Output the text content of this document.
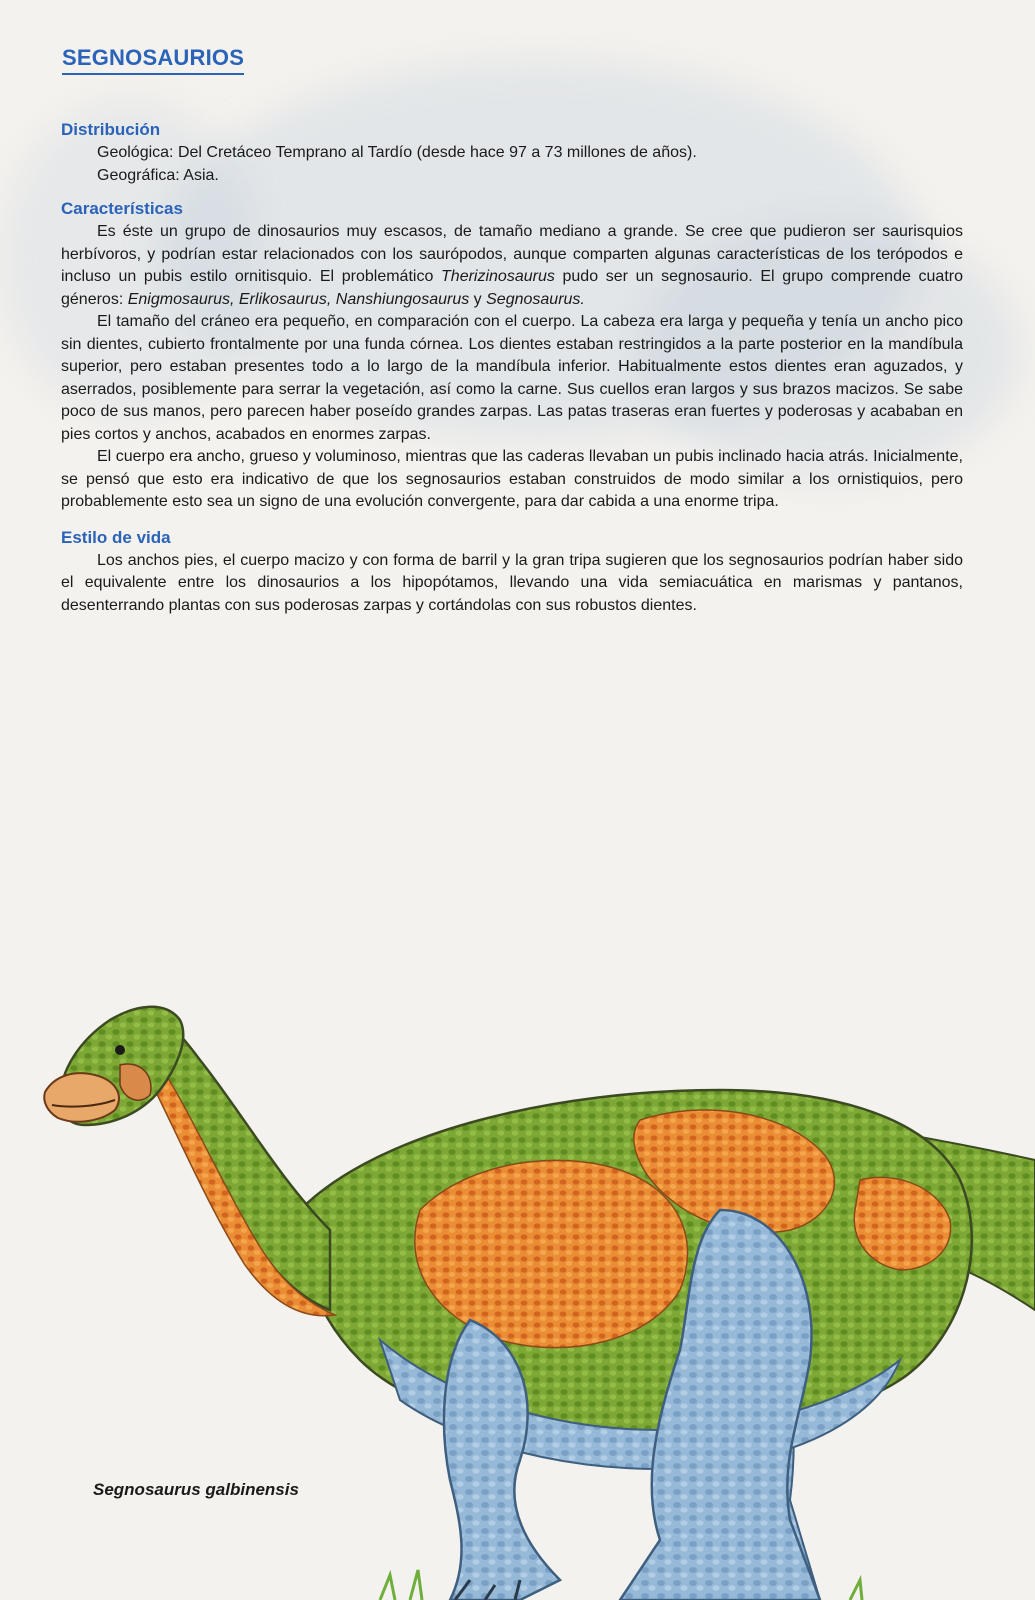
SEGNOSAURIOS
Distribución

Geológica: Del Cretáceo Temprano al Tardío (desde hace 97 a 73 millones de años).

Geográfica: Asia.

Características

Es éste un grupo de dinosaurios muy escasos, de tamaño mediano a grande. Se cree que pudieron ser saurisquios herbívoros, y podrían estar relacionados con los saurópodos, aunque comparten algunas características de los terópodos e incluso un pubis estilo ornitisquio. El problemático Therizinosaurus pudo ser un segnosaurio. El grupo comprende cuatro géneros: Enigmosaurus, Erlikosaurus, Nanshiungosaurus y Segnosaurus.

El tamaño del cráneo era pequeño, en comparación con el cuerpo. La cabeza era larga y pequeña y tenía un ancho pico sin dientes, cubierto frontalmente por una funda córnea. Los dientes estaban restringidos a la parte posterior en la mandíbula superior, pero estaban presentes todo a lo largo de la mandíbula inferior. Habitualmente estos dientes eran aguzados, y aserrados, posiblemente para serrar la vegetación, así como la carne. Sus cuellos eran largos y sus brazos macizos. Se sabe poco de sus manos, pero parecen haber poseído grandes zarpas. Las patas traseras eran fuertes y poderosas y acababan en pies cortos y anchos, acabados en enormes zarpas.

El cuerpo era ancho, grueso y voluminoso, mientras que las caderas llevaban un pubis inclinado hacia atrás. Inicialmente, se pensó que esto era indicativo de que los segnosaurios estaban construidos de modo similar a los ornistiquios, pero probablemente esto sea un signo de una evolución convergente, para dar cabida a una enorme tripa.

Estilo de vida

Los anchos pies, el cuerpo macizo y con forma de barril y la gran tripa sugieren que los segnosaurios podrían haber sido el equivalente entre los dinosaurios a los hipopótamos, llevando una vida semiacuática en marismas y pantanos, desenterrando plantas con sus poderosas zarpas y cortándolas con sus robustos dientes.

Segnosaurus galbinensis
